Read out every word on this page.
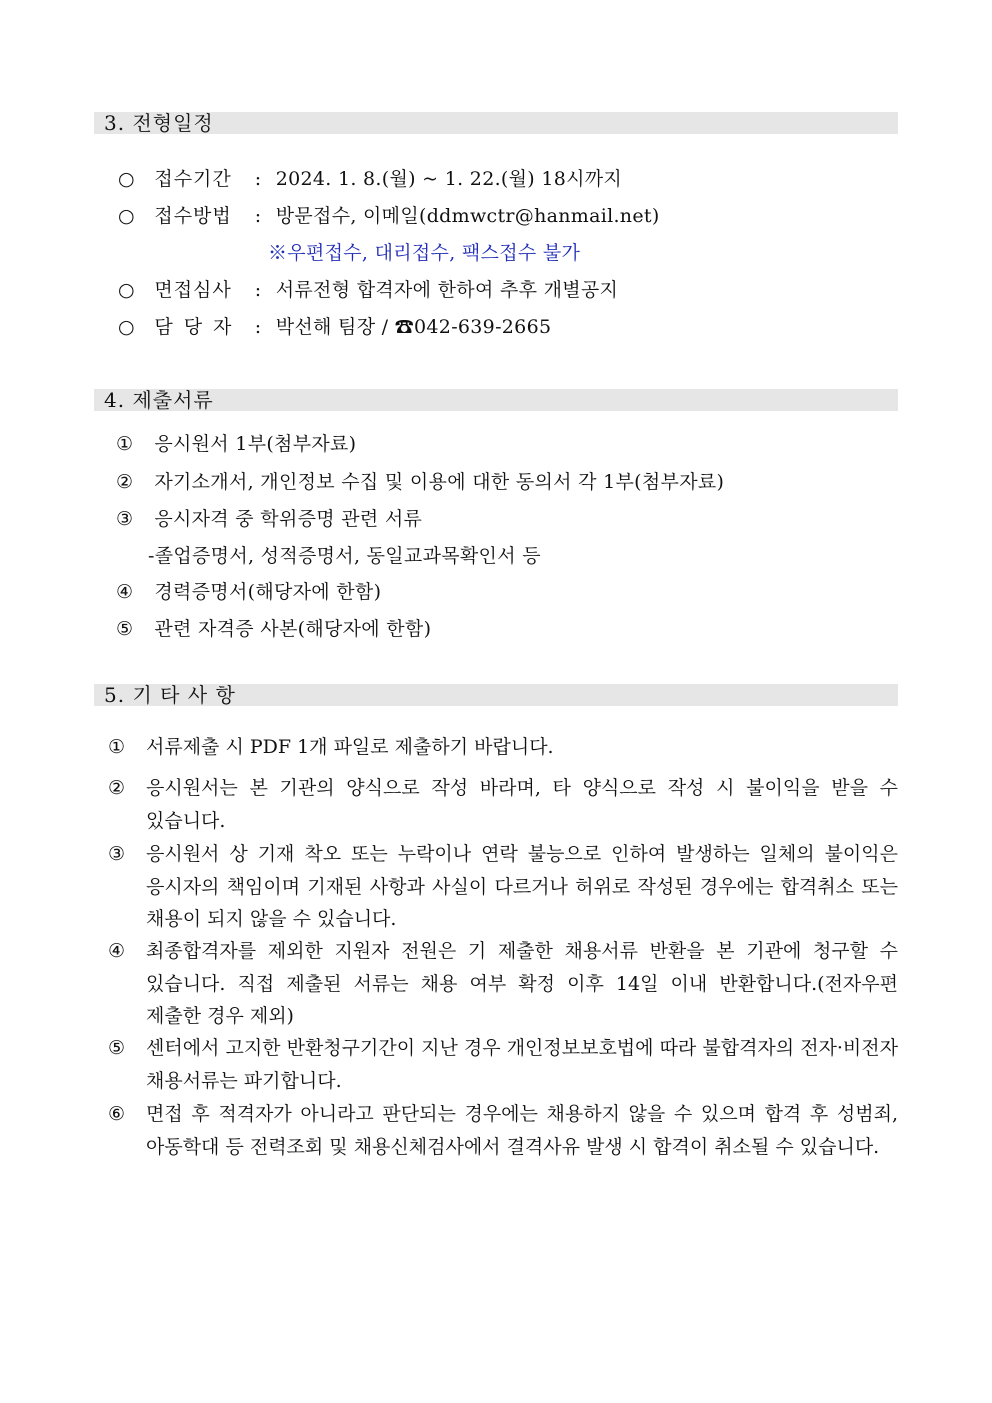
3. 전형일정
○ 접수기간 : 2024. 1. 8.(월) ~ 1. 22.(월) 18시까지
○ 접수방법 : 방문접수, 이메일(ddmwctr@hanmail.net)
※우편접수, 대리접수, 팩스접수 불가
○ 면접심사 : 서류전형 합격자에 한하여 추후 개별공지
○ 담당자 : 박선해 팀장 / ☎042-639-2665
4. 제출서류
① 응시원서 1부(첨부자료)
② 자기소개서, 개인정보 수집 및 이용에 대한 동의서 각 1부(첨부자료)
③ 응시자격 중 학위증명 관련 서류
-졸업증명서, 성적증명서, 동일교과목확인서 등
④ 경력증명서(해당자에 한함)
⑤ 관련 자격증 사본(해당자에 한함)
5. 기 타 사 항
①	서류제출 시 PDF 1개 파일로 제출하기 바랍니다.
②	응시원서는 본 기관의 양식으로 작성 바라며, 타 양식으로 작성 시 불이익을 받을 수 있습니다.
③	응시원서 상 기재 착오 또는 누락이나 연락 불능으로 인하여 발생하는 일체의 불이익은 응시자의 책임이며 기재된 사항과 사실이 다르거나 허위로 작성된 경우에는 합격취소 또는 채용이 되지 않을 수 있습니다.
④	최종합격자를 제외한 지원자 전원은 기 제출한 채용서류 반환을 본 기관에 청구할 수 있습니다. 직접 제출된 서류는 채용 여부 확정 이후 14일 이내 반환합니다.(전자우편 제출한 경우 제외)
⑤	센터에서 고지한 반환청구기간이 지난 경우 개인정보보호법에 따라 불합격자의 전자·비전자 채용서류는 파기합니다.
⑥	면접 후 적격자가 아니라고 판단되는 경우에는 채용하지 않을 수 있으며 합격 후 성범죄, 아동학대 등 전력조회 및 채용신체검사에서 결격사유 발생 시 합격이 취소될 수 있습니다.
